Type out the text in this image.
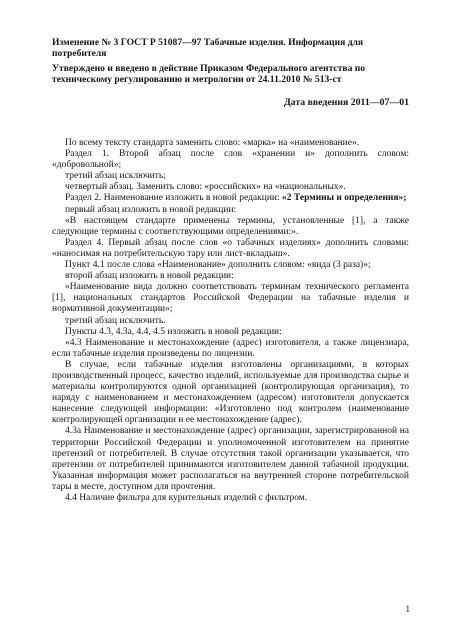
Изменение № 3 ГОСТ Р 51087—97 Табачные изделия. Информация для потребителя
Утверждено и введено в действие Приказом Федерального агентства по техническому регулированию и метрологии от 24.11.2010 № 513-ст
Дата введения 2011—07—01

По всему тексту стандарта заменить слово: «марка» на «наименование».

Раздел 1. Второй абзац после слов «хранении и» дополнить словом: «добровольной»;

третий абзац исключить;

четвертый абзац. Заменить слово: «российских» на «национальных».

Раздел 2. Наименование изложить в новой редакции: «2 Термины и определения»;

первый абзац изложить в новой редакции:

«В настоящем стандарте применены термины, установленные [1], а также следующие термины с соответствующими определениями:».

Раздел 4. Первый абзац после слов «о табачных изделиях» дополнить словами: «наносимая на потребительскую тару или лист-вкладыш».

Пункт 4.1 после слова «Наименование» дополнить словом: «вида (3 раза)»;

второй абзац изложить в новой редакции:

«Наименование вида должно соответствовать терминам технического регламента [1], национальных стандартов Российской Федерации на табачные изделия и нормативной документации»;

третий абзац исключить.

Пункты 4.3, 4.3а, 4.4, 4.5 изложить в новой редакции:

«4.3 Наименование и местонахождение (адрес) изготовителя, а также лицензиара, если табачные изделия произведены по лицензии.

В случае, если табачные изделия изготовлены организациями, в которых производственный процесс, качество изделий, используемые для производства сырье и материалы контролируются одной организацией (контролирующая организация), то наряду с наименованием и местонахождением (адресом) изготовителя допускается нанесение следующей информации: «Изготовлено под контролем (наименование контролирующей организации и ее местонахождение (адрес).

4.3а Наименование и местонахождение (адрес) организации, зарегистрированной на территории Российской Федерации и уполномоченной изготовителем на принятие претензий от потребителей. В случае отсутствия такой организации указывается, что претензии от потребителей принимаются изготовителем данной табачной продукции. Указанная информация может располагаться на внутренней стороне потребительской тары в месте, доступном для прочтения.

4.4 Наличие фильтра для курительных изделий с фильтром.

1
